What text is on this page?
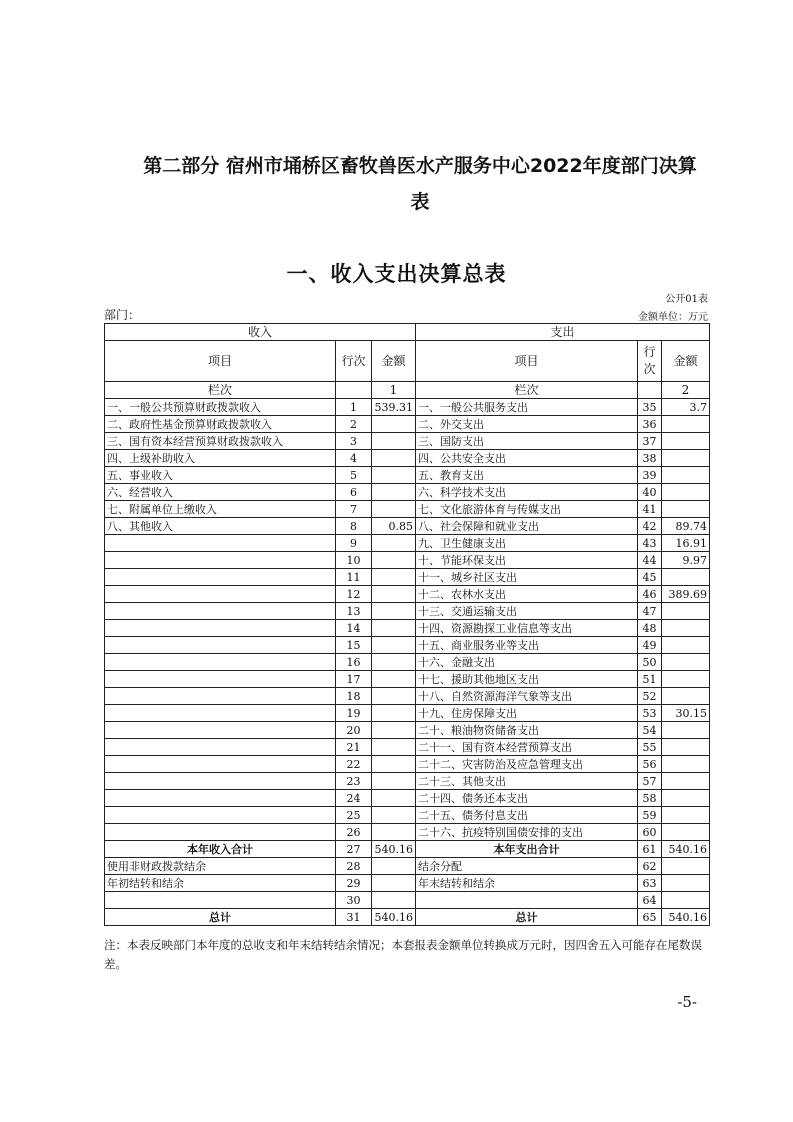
第二部分 宿州市埇桥区畜牧兽医水产服务中心2022年度部门决算表
一、收入支出决算总表
公开01表
部门：	金额单位：万元
收入			支出		
项目	行次	金额	项目	行次	金额
栏次		1	栏次		2
一、一般公共预算财政拨款收入	1	539.31	一、一般公共服务支出	35	3.7
二、政府性基金预算财政拨款收入	2		二、外交支出	36	
三、国有资本经营预算财政拨款收入	3		三、国防支出	37	
四、上级补助收入	4		四、公共安全支出	38	
五、事业收入	5		五、教育支出	39	
六、经营收入	6		六、科学技术支出	40	
七、附属单位上缴收入	7		七、文化旅游体育与传媒支出	41	
八、其他收入	8	0.85	八、社会保障和就业支出	42	89.74
	9		九、卫生健康支出	43	16.91
	10		十、节能环保支出	44	9.97
	11		十一、城乡社区支出	45	
	12		十二、农林水支出	46	389.69
	13		十三、交通运输支出	47	
	14		十四、资源勘探工业信息等支出	48	
	15		十五、商业服务业等支出	49	
	16		十六、金融支出	50	
	17		十七、援助其他地区支出	51	
	18		十八、自然资源海洋气象等支出	52	
	19		十九、住房保障支出	53	30.15
	20		二十、粮油物资储备支出	54	
	21		二十一、国有资本经营预算支出	55	
	22		二十二、灾害防治及应急管理支出	56	
	23		二十三、其他支出	57	
	24		二十四、债务还本支出	58	
	25		二十五、债务付息支出	59	
	26		二十六、抗疫特别国债安排的支出	60	
本年收入合计	27	540.16	本年支出合计	61	540.16
使用非财政拨款结余	28		结余分配	62	
年初结转和结余	29		年末结转和结余	63	
	30			64	
总计	31	540.16	总计	65	540.16

注：本表反映部门本年度的总收支和年末结转结余情况；本套报表金额单位转换成万元时，因四舍五入可能存在尾数误差。

-5-
